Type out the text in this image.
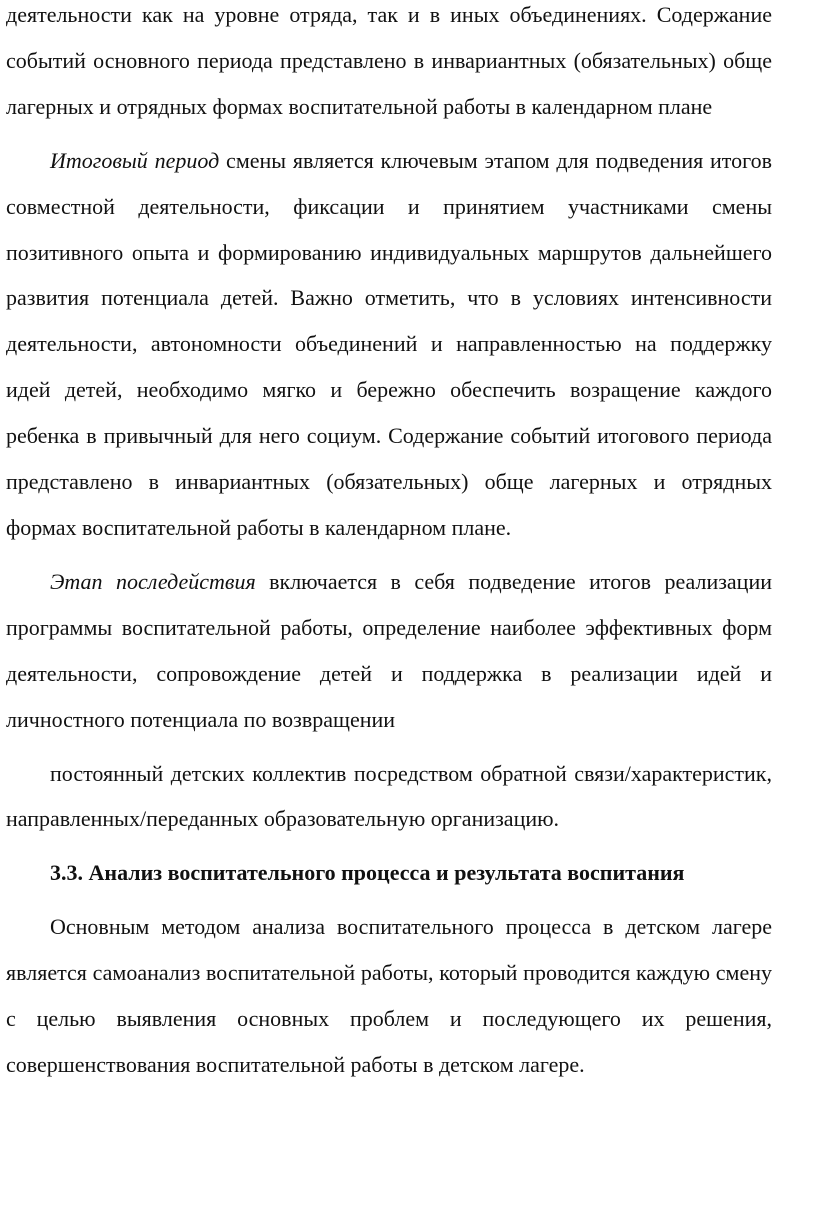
деятельности как на уровне отряда, так и в иных объединениях. Содержание событий основного периода представлено в инвариантных (обязательных) обще лагерных и отрядных формах воспитательной работы в календарном плане

Итоговый период смены является ключевым этапом для подведения итогов совместной деятельности, фиксации и принятием участниками смены позитивного опыта и формированию индивидуальных маршрутов дальнейшего развития потенциала детей. Важно отметить, что в условиях интенсивности деятельности, автономности объединений и направленностью на поддержку идей детей, необходимо мягко и бережно обеспечить возращение каждого ребенка в привычный для него социум. Содержание событий итогового периода представлено в инвариантных (обязательных) обще лагерных и отрядных формах воспитательной работы в календарном плане.

Этап последействия включается в себя подведение итогов реализации программы воспитательной работы, определение наиболее эффективных форм деятельности, сопровождение детей и поддержка в реализации идей и личностного потенциала по возвращении

постоянный детских коллектив посредством обратной связи/характеристик, направленных/переданных образовательную организацию.

3.3. Анализ воспитательного процесса и результата воспитания

Основным методом анализа воспитательного процесса в детском лагере является самоанализ воспитательной работы, который проводится каждую смену с целью выявления основных проблем и последующего их решения, совершенствования воспитательной работы в детском лагере.
